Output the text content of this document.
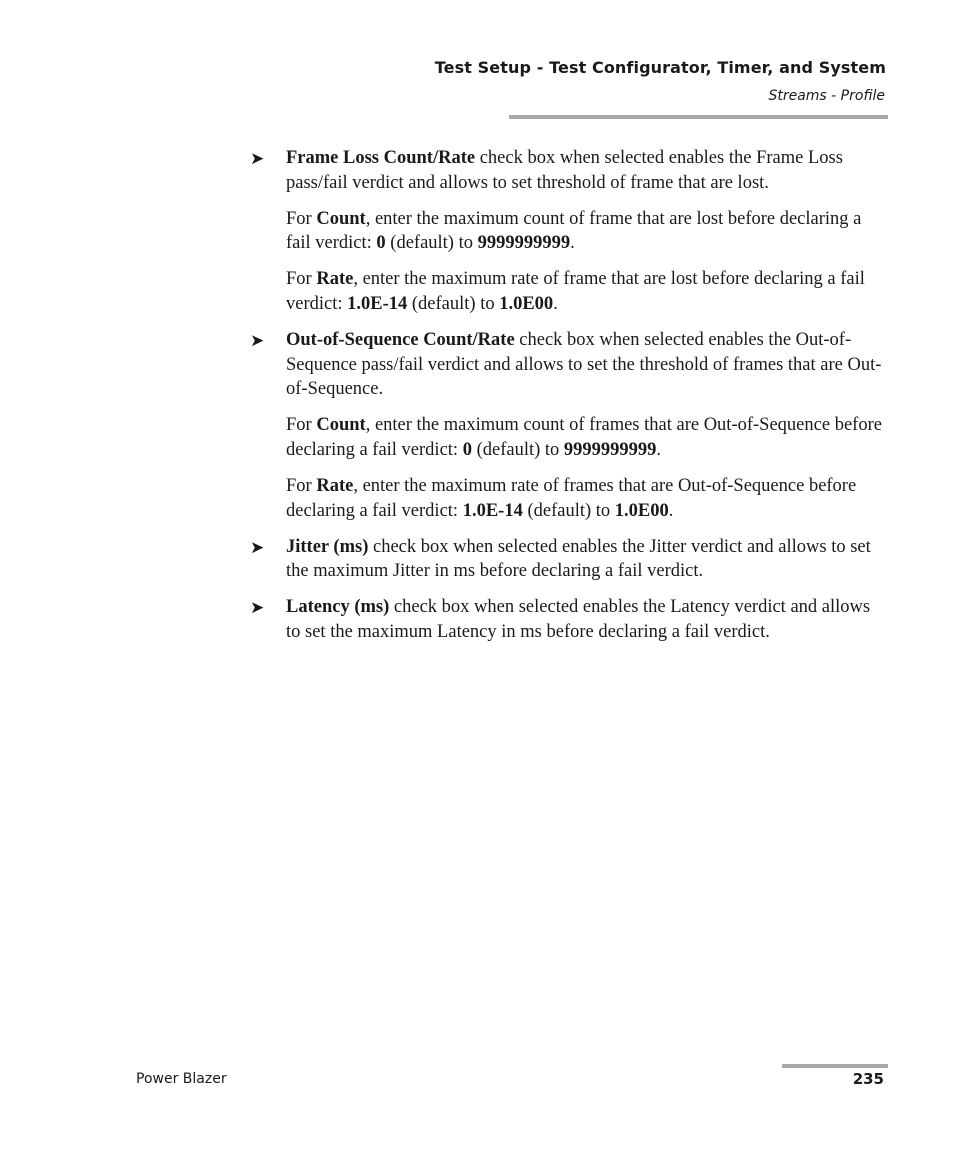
Test Setup - Test Configurator, Timer, and System
Streams - Profile
➤ Frame Loss Count/Rate check box when selected enables the Frame Loss pass/fail verdict and allows to set threshold of frame that are lost.

For Count, enter the maximum count of frame that are lost before declaring a fail verdict: 0 (default) to 9999999999.

For Rate, enter the maximum rate of frame that are lost before declaring a fail verdict: 1.0E-14 (default) to 1.0E00.

➤ Out-of-Sequence Count/Rate check box when selected enables the Out-of-Sequence pass/fail verdict and allows to set the threshold of frames that are Out-of-Sequence.

For Count, enter the maximum count of frames that are Out-of-Sequence before declaring a fail verdict: 0 (default) to 9999999999.

For Rate, enter the maximum rate of frames that are Out-of-Sequence before declaring a fail verdict: 1.0E-14 (default) to 1.0E00.

➤ Jitter (ms) check box when selected enables the Jitter verdict and allows to set the maximum Jitter in ms before declaring a fail verdict.
➤ Latency (ms) check box when selected enables the Latency verdict and allows to set the maximum Latency in ms before declaring a fail verdict.
Power Blazer	235
